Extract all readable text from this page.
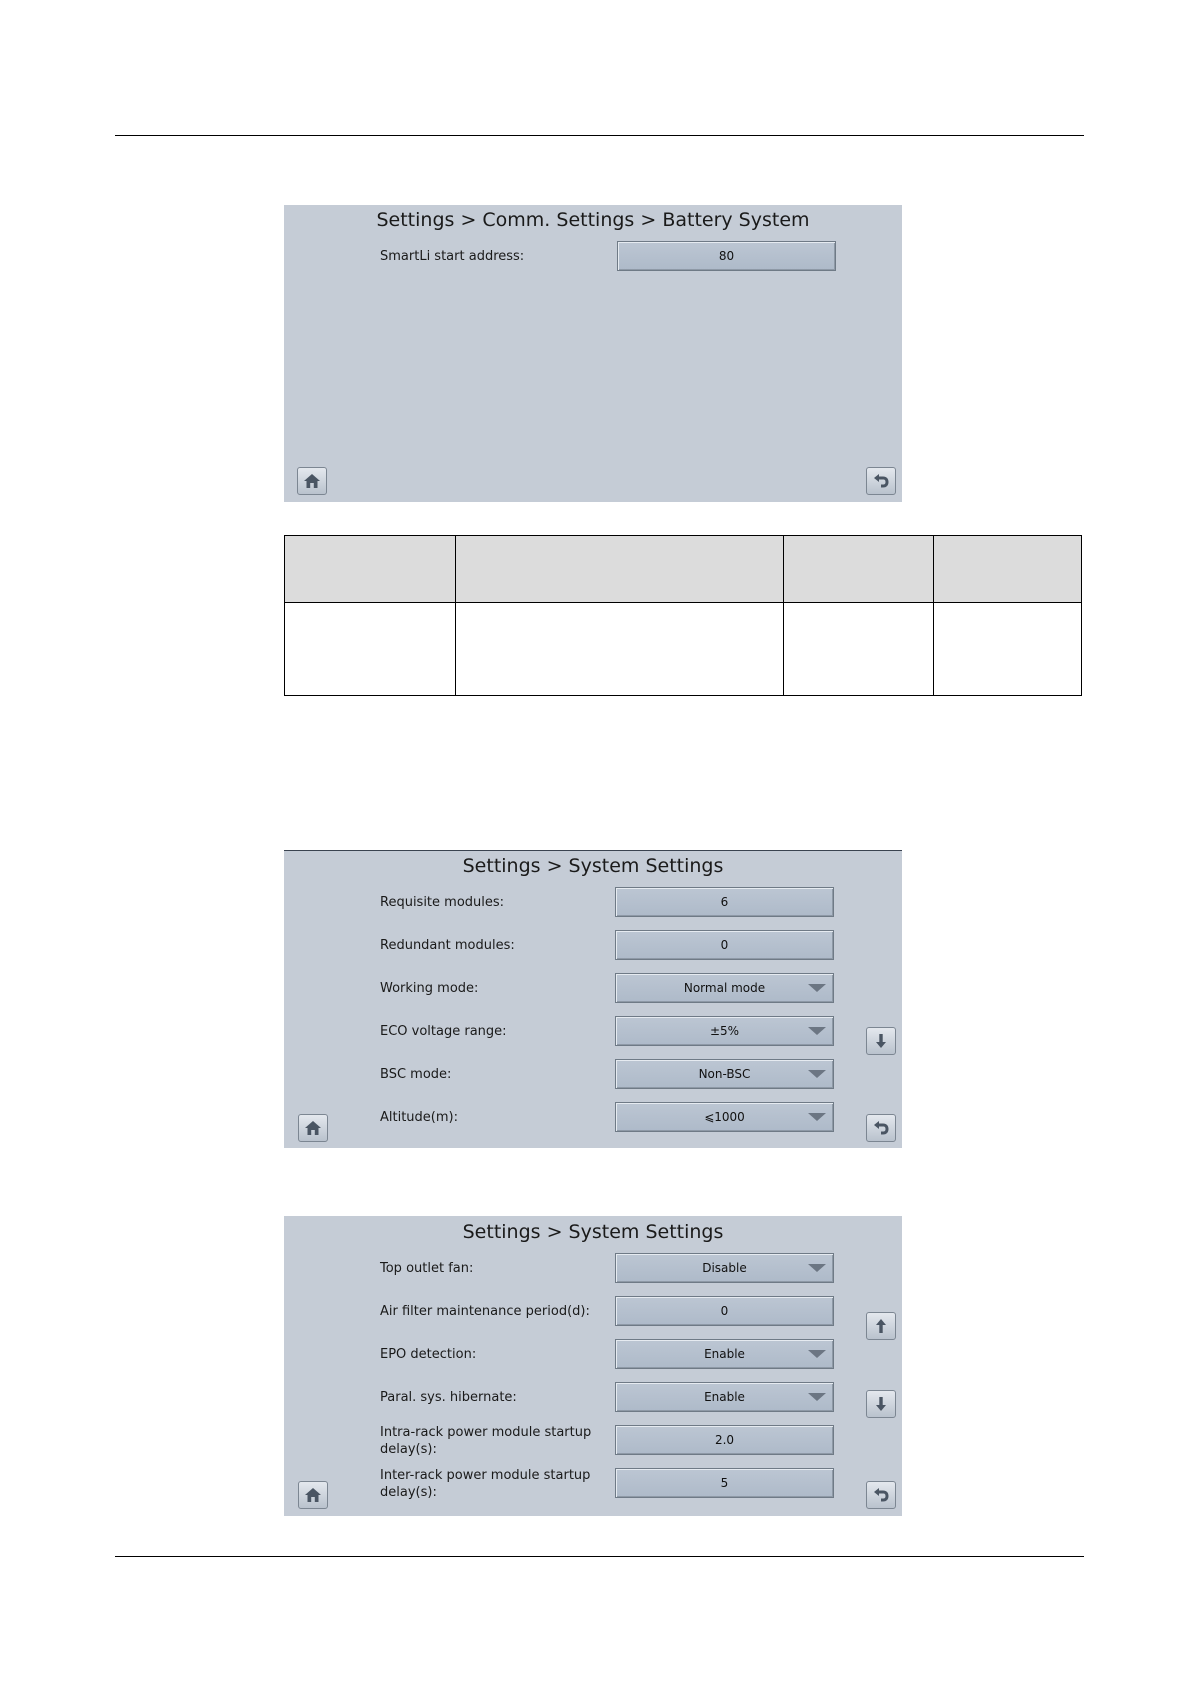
Settings > Comm. Settings > Battery System
SmartLi start address:	80

Settings > System Settings
Requisite modules:	6
Redundant modules:	0
Working mode:	Normal mode
ECO voltage range:	±5%
BSC mode:	Non-BSC
Altitude(m):	⩽1000
Settings > System Settings
Top outlet fan:	Disable
Air filter maintenance period(d):	0
EPO detection:	Enable
Paral. sys. hibernate:	Enable
Intra-rack power module startup
delay(s):
2.0
Inter-rack power module startup
delay(s):
5
